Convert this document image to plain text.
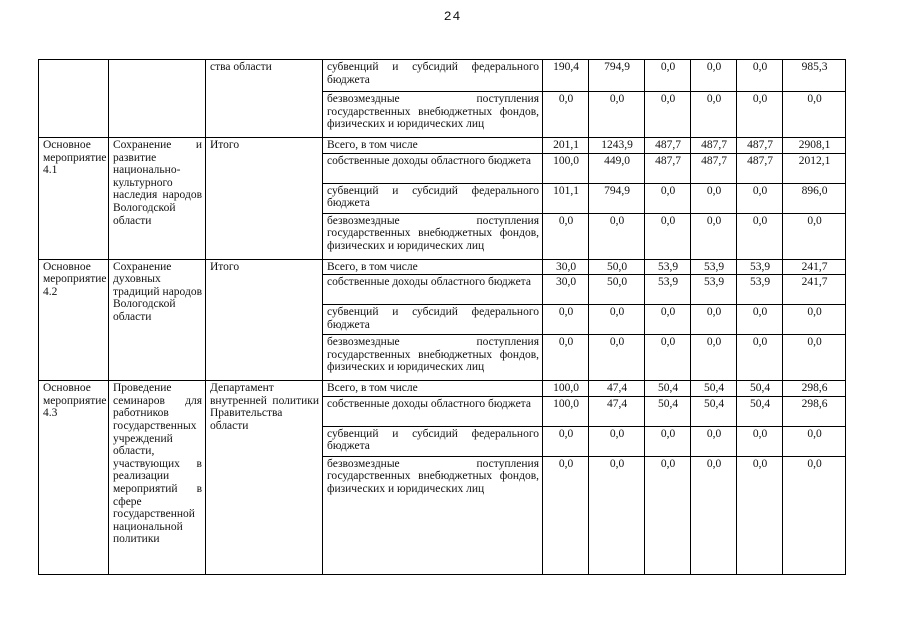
24
		ства области	субвенций и субсидий федерального бюджета	190,4	794,9	0,0	0,0	0,0	985,3
			безвозмездные поступления государственных внебюджетных фондов, физических и юридических лиц	0,0	0,0	0,0	0,0	0,0	0,0
Основное мероприятие 4.1	Сохранение и развитие национально-культурного наследия народов Вологодской области	Итого	Всего, в том числе	201,1	1243,9	487,7	487,7	487,7	2908,1
			собственные доходы областного бюджета	100,0	449,0	487,7	487,7	487,7	2012,1
			субвенций и субсидий федерального бюджета	101,1	794,9	0,0	0,0	0,0	896,0
			безвозмездные поступления государственных внебюджетных фондов, физических и юридических лиц	0,0	0,0	0,0	0,0	0,0	0,0
Основное мероприятие 4.2	Сохранение духовных традиций народов Вологодской области	Итого	Всего, в том числе	30,0	50,0	53,9	53,9	53,9	241,7
			собственные доходы областного бюджета	30,0	50,0	53,9	53,9	53,9	241,7
			субвенций и субсидий федерального бюджета	0,0	0,0	0,0	0,0	0,0	0,0
			безвозмездные поступления государственных внебюджетных фондов, физических и юридических лиц	0,0	0,0	0,0	0,0	0,0	0,0
Основное мероприятие 4.3	Проведение семинаров для работников государственных учреждений области, участвующих в реализации мероприятий в сфере государственной национальной политики	Департамент внутренней политики Правительства области	Всего, в том числе	100,0	47,4	50,4	50,4	50,4	298,6
			собственные доходы областного бюджета	100,0	47,4	50,4	50,4	50,4	298,6
			субвенций и субсидий федерального бюджета	0,0	0,0	0,0	0,0	0,0	0,0
			безвозмездные поступления государственных внебюджетных фондов, физических и юридических лиц	0,0	0,0	0,0	0,0	0,0	0,0
